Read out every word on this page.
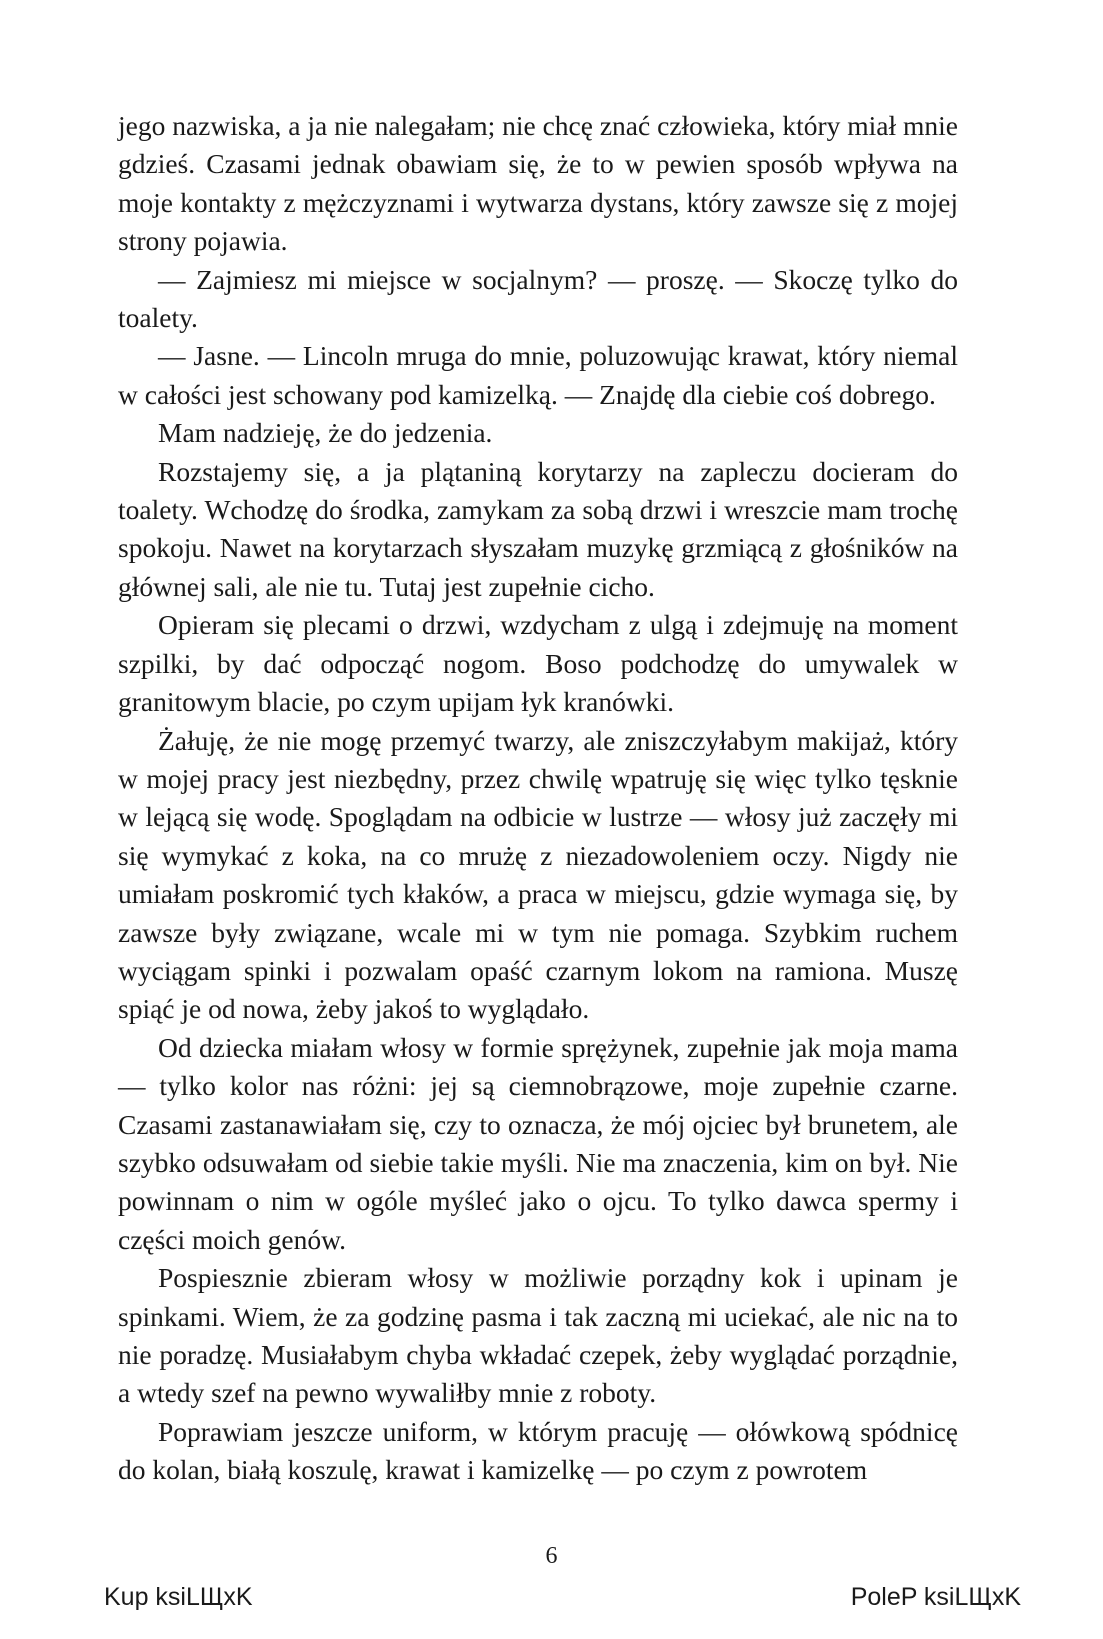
jego nazwiska, a ja nie nalegałam; nie chcę znać człowieka, który miał mnie gdzieś. Czasami jednak obawiam się, że to w pewien sposób wpływa na moje kontakty z mężczyznami i wytwarza dystans, który zawsze się z mojej strony pojawia.

— Zajmiesz mi miejsce w socjalnym? — proszę. — Skoczę tylko do toalety.

— Jasne. — Lincoln mruga do mnie, poluzowując krawat, który niemal w całości jest schowany pod kamizelką. — Znajdę dla ciebie coś dobrego.

Mam nadzieję, że do jedzenia.

Rozstajemy się, a ja plątaniną korytarzy na zapleczu docieram do toalety. Wchodzę do środka, zamykam za sobą drzwi i wreszcie mam trochę spokoju. Nawet na korytarzach słyszałam muzykę grzmiącą z głośników na głównej sali, ale nie tu. Tutaj jest zupełnie cicho.

Opieram się plecami o drzwi, wzdycham z ulgą i zdejmuję na moment szpilki, by dać odpocząć nogom. Boso podchodzę do umywalek w granitowym blacie, po czym upijam łyk kranówki.

Żałuję, że nie mogę przemyć twarzy, ale zniszczyłabym makijaż, który w mojej pracy jest niezbędny, przez chwilę wpatruję się więc tylko tęsknie w lejącą się wodę. Spoglądam na odbicie w lustrze — włosy już zaczęły mi się wymykać z koka, na co mrużę z niezadowoleniem oczy. Nigdy nie umiałam poskromić tych kłaków, a praca w miejscu, gdzie wymaga się, by zawsze były związane, wcale mi w tym nie pomaga. Szybkim ruchem wyciągam spinki i pozwalam opaść czarnym lokom na ramiona. Muszę spiąć je od nowa, żeby jakoś to wyglądało.

Od dziecka miałam włosy w formie sprężynek, zupełnie jak moja mama — tylko kolor nas różni: jej są ciemnobrązowe, moje zupełnie czarne. Czasami zastanawiałam się, czy to oznacza, że mój ojciec był brunetem, ale szybko odsuwałam od siebie takie myśli. Nie ma znaczenia, kim on był. Nie powinnam o nim w ogóle myśleć jako o ojcu. To tylko dawca spermy i części moich genów.

Pospiesznie zbieram włosy w możliwie porządny kok i upinam je spinkami. Wiem, że za godzinę pasma i tak zaczną mi uciekać, ale nic na to nie poradzę. Musiałabym chyba wkładać czepek, żeby wyglądać porządnie, a wtedy szef na pewno wywaliłby mnie z roboty.

Poprawiam jeszcze uniform, w którym pracuję — ołówkową spódnicę do kolan, białą koszulę, krawat i kamizelkę — po czym z powrotem

6
Kup ksiLЩxK	PoleP ksiLЩxK
